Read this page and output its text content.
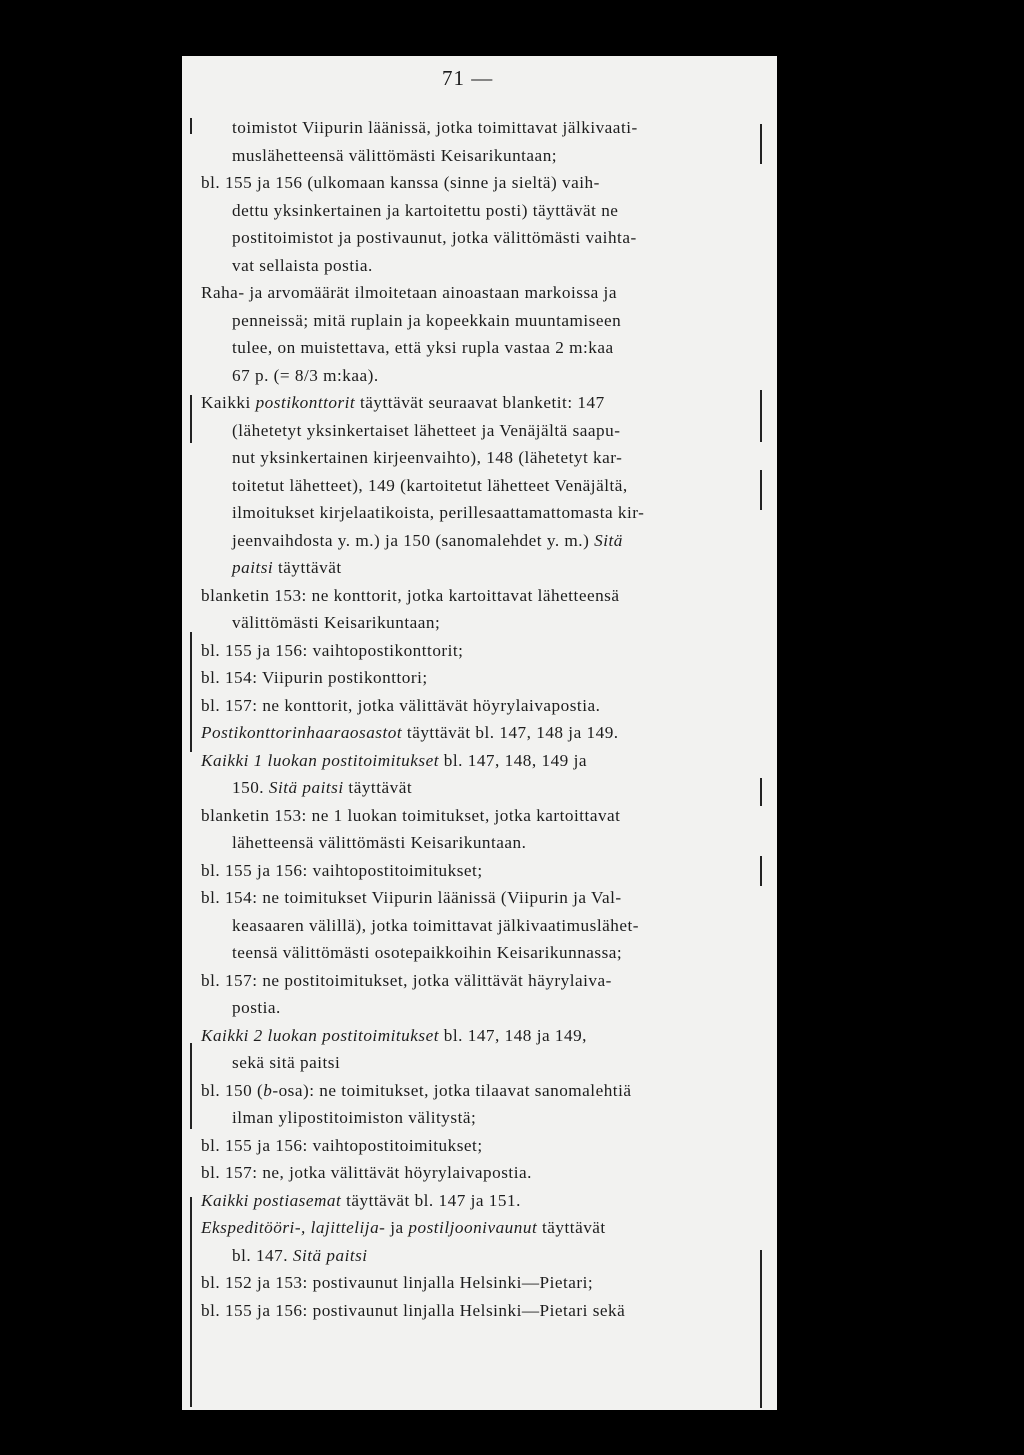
71 —
toimistot Viipurin läänissä, jotka toimittavat jälkivaati-
muslähetteensä välittömästi Keisarikuntaan;
bl. 155 ja 156 (ulkomaan kanssa (sinne ja sieltä) vaih-
dettu yksinkertainen ja kartoitettu posti) täyttävät ne
postitoimistot ja postivaunut, jotka välittömästi vaihta-
vat sellaista postia.
Raha- ja arvomäärät ilmoitetaan ainoastaan markoissa ja
penneissä; mitä ruplain ja kopeekkain muuntamiseen
tulee, on muistettava, että yksi rupla vastaa 2 m:kaa
67 p. (= 8/3 m:kaa).
Kaikki postikonttorit täyttävät seuraavat blanketit: 147
(lähetetyt yksinkertaiset lähetteet ja Venäjältä saapu-
nut yksinkertainen kirjeenvaihto), 148 (lähetetyt kar-
toitetut lähetteet), 149 (kartoitetut lähetteet Venäjältä,
ilmoitukset kirjelaatikoista, perillesaattamattomasta kir-
jeenvaihdosta y. m.) ja 150 (sanomalehdet y. m.) Sitä
paitsi täyttävät
blanketin 153: ne konttorit, jotka kartoittavat lähetteensä
välittömästi Keisarikuntaan;
bl. 155 ja 156: vaihtopostikonttorit;
bl. 154: Viipurin postikonttori;
bl. 157: ne konttorit, jotka välittävät höyrylaivapostia.
Postikonttorinhaaraosastot täyttävät bl. 147, 148 ja 149.
Kaikki 1 luokan postitoimitukset bl. 147, 148, 149 ja
150. Sitä paitsi täyttävät
blanketin 153: ne 1 luokan toimitukset, jotka kartoittavat
lähetteensä välittömästi Keisarikuntaan.
bl. 155 ja 156: vaihtopostitoimitukset;
bl. 154: ne toimitukset Viipurin läänissä (Viipurin ja Val-
keasaaren välillä), jotka toimittavat jälkivaatimuslähet-
teensä välittömästi osotepaikkoihin Keisarikunnassa;
bl. 157: ne postitoimitukset, jotka välittävät häyrylaiva-
postia.
Kaikki 2 luokan postitoimitukset bl. 147, 148 ja 149,
sekä sitä paitsi
bl. 150 (b-osa): ne toimitukset, jotka tilaavat sanomalehtiä
ilman ylipostitoimiston välitystä;
bl. 155 ja 156: vaihtopostitoimitukset;
bl. 157: ne, jotka välittävät höyrylaivapostia.
Kaikki postiasemat täyttävät bl. 147 ja 151.
Ekspeditööri-, lajittelija- ja postiljoonivaunut täyttävät
bl. 147. Sitä paitsi
bl. 152 ja 153: postivaunut linjalla Helsinki—Pietari;
bl. 155 ja 156: postivaunut linjalla Helsinki—Pietari sekä
